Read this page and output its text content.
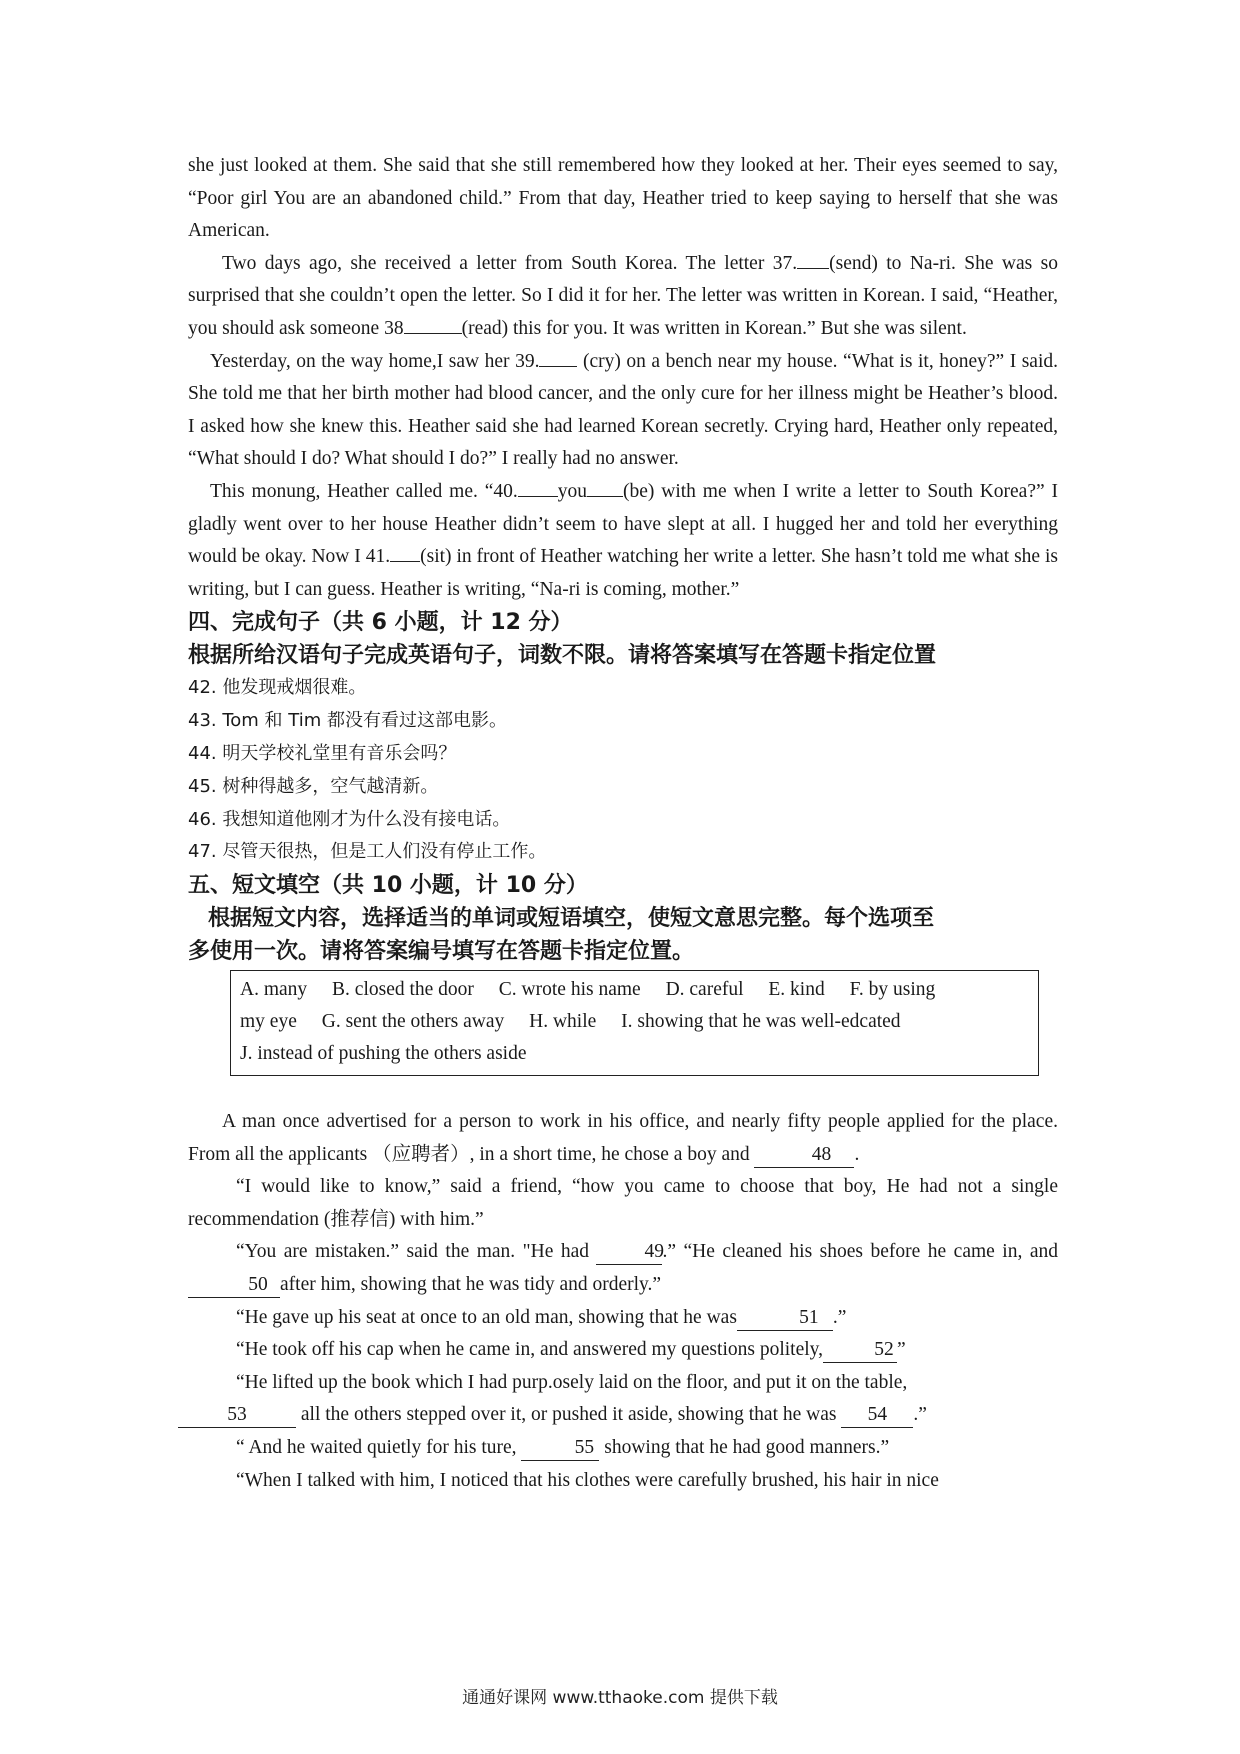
she just looked at them. She said that she still remembered how they looked at her. Their eyes seemed to say, “Poor girl You are an abandoned child.” From that day, Heather tried to keep saying to herself that she was American.

Two days ago, she received a letter from South Korea. The letter 37. (send) to Na-ri. She was so surprised that she couldn’t open the letter. So I did it for her. The letter was written in Korean. I said, “Heather, you should ask someone 38	(read) this for you. It was written in Korean.” But she was silent.

Yesterday, on the way home,I saw her 39. (cry) on a bench near my house. “What is it, honey?” I said. She told me that her birth mother had blood cancer, and the only cure for her illness might be Heather’s blood. I asked how she knew this. Heather said she had learned Korean secretly. Crying hard, Heather only repeated, “What should I do? What should I do?” I really had no answer.

This monung, Heather called me. “40. you (be) with me when I write a letter to South Korea?” I gladly went over to her house Heather didn’t seem to have slept at all. I hugged her and told her everything would be okay. Now I 41. (sit) in front of Heather watching her write a letter. She hasn’t told me what she is writing, but I can guess. Heather is writing, “Na-ri is coming, mother.”

四、完成句子（共 6 小题，计 12 分）

根据所给汉语句子完成英语句子，词数不限。请将答案填写在答题卡指定位置

42. 他发现戒烟很难。

43. Tom 和 Tim 都没有看过这部电影。

44. 明天学校礼堂里有音乐会吗？

45. 树种得越多，空气越清新。

46. 我想知道他刚才为什么没有接电话。

47. 尽管天很热，但是工人们没有停止工作。

五、短文填空（共 10 小题，计 10 分）

根据短文内容，选择适当的单词或短语填空，使短文意思完整。每个选项至

多使用一次。请将答案编号填写在答题卡指定位置。

A. many B. closed the door C. wrote his name D. careful E. kind F. by using
my eye G. sent the others away H. while I. showing that he was well-edcated
J. instead of pushing the others aside

A man once advertised for a person to work in his office, and nearly fifty people applied for the place. From all the applicants （应聘者）, in a short time, he chose a boy and	48 .

“I would like to know,” said a friend, “how you came to choose that boy, He had not a single recommendation (推荐信) with him.”

“You are mistaken.” said the man. "He had 49.” “He cleaned his shoes before he came in, and50 after him, showing that he was tidy and orderly.”

“He gave up his seat at once to an old man, showing that he was	51 .”

“He took off his cap when he came in, and answered my questions politely,	52 ”

“He lifted up the book which I had purp.osely laid on the floor, and put it on the table,

53	all the others stepped over it, or pushed it aside, showing that he was 54 .”

“ And he waited quietly for his ture,	55 showing that he had good manners.”

“When I talked with him, I noticed that his clothes were carefully brushed, his hair in nice

通通好课网 www.tthaoke.com 提供下载
